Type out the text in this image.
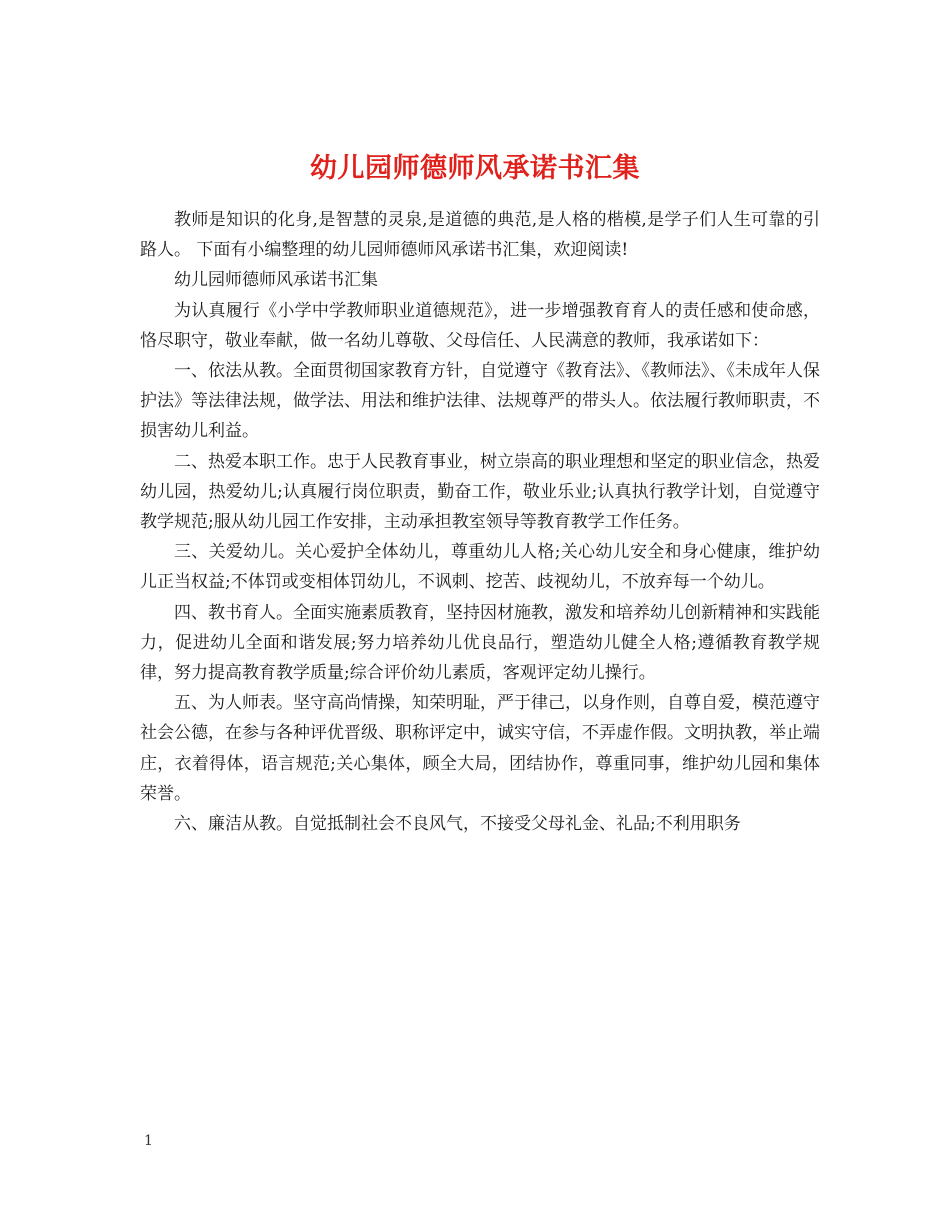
幼儿园师德师风承诺书汇集

教师是知识的化身,是智慧的灵泉,是道德的典范,是人格的楷模,是学子们人生可靠的引路人。 下面有小编整理的幼儿园师德师风承诺书汇集，欢迎阅读!

幼儿园师德师风承诺书汇集

为认真履行《小学中学教师职业道德规范》，进一步增强教育育人的责任感和使命感，恪尽职守，敬业奉献，做一名幼儿尊敬、父母信任、人民满意的教师，我承诺如下：

一、依法从教。全面贯彻国家教育方针，自觉遵守《教育法》、《教师法》、《未成年人保护法》等法律法规，做学法、用法和维护法律、法规尊严的带头人。依法履行教师职责，不损害幼儿利益。

二、热爱本职工作。忠于人民教育事业，树立崇高的职业理想和坚定的职业信念，热爱幼儿园，热爱幼儿;认真履行岗位职责，勤奋工作，敬业乐业;认真执行教学计划，自觉遵守教学规范;服从幼儿园工作安排，主动承担教室领导等教育教学工作任务。

三、关爱幼儿。关心爱护全体幼儿，尊重幼儿人格;关心幼儿安全和身心健康，维护幼儿正当权益;不体罚或变相体罚幼儿，不讽刺、挖苦、歧视幼儿，不放弃每一个幼儿。

四、教书育人。全面实施素质教育，坚持因材施教，激发和培养幼儿创新精神和实践能力，促进幼儿全面和谐发展;努力培养幼儿优良品行，塑造幼儿健全人格;遵循教育教学规律，努力提高教育教学质量;综合评价幼儿素质，客观评定幼儿操行。

五、为人师表。坚守高尚情操，知荣明耻，严于律己，以身作则，自尊自爱，模范遵守社会公德，在参与各种评优晋级、职称评定中，诚实守信，不弄虚作假。文明执教，举止端庄，衣着得体，语言规范;关心集体，顾全大局，团结协作，尊重同事，维护幼儿园和集体荣誉。

六、廉洁从教。自觉抵制社会不良风气，不接受父母礼金、礼品;不利用职务

1
